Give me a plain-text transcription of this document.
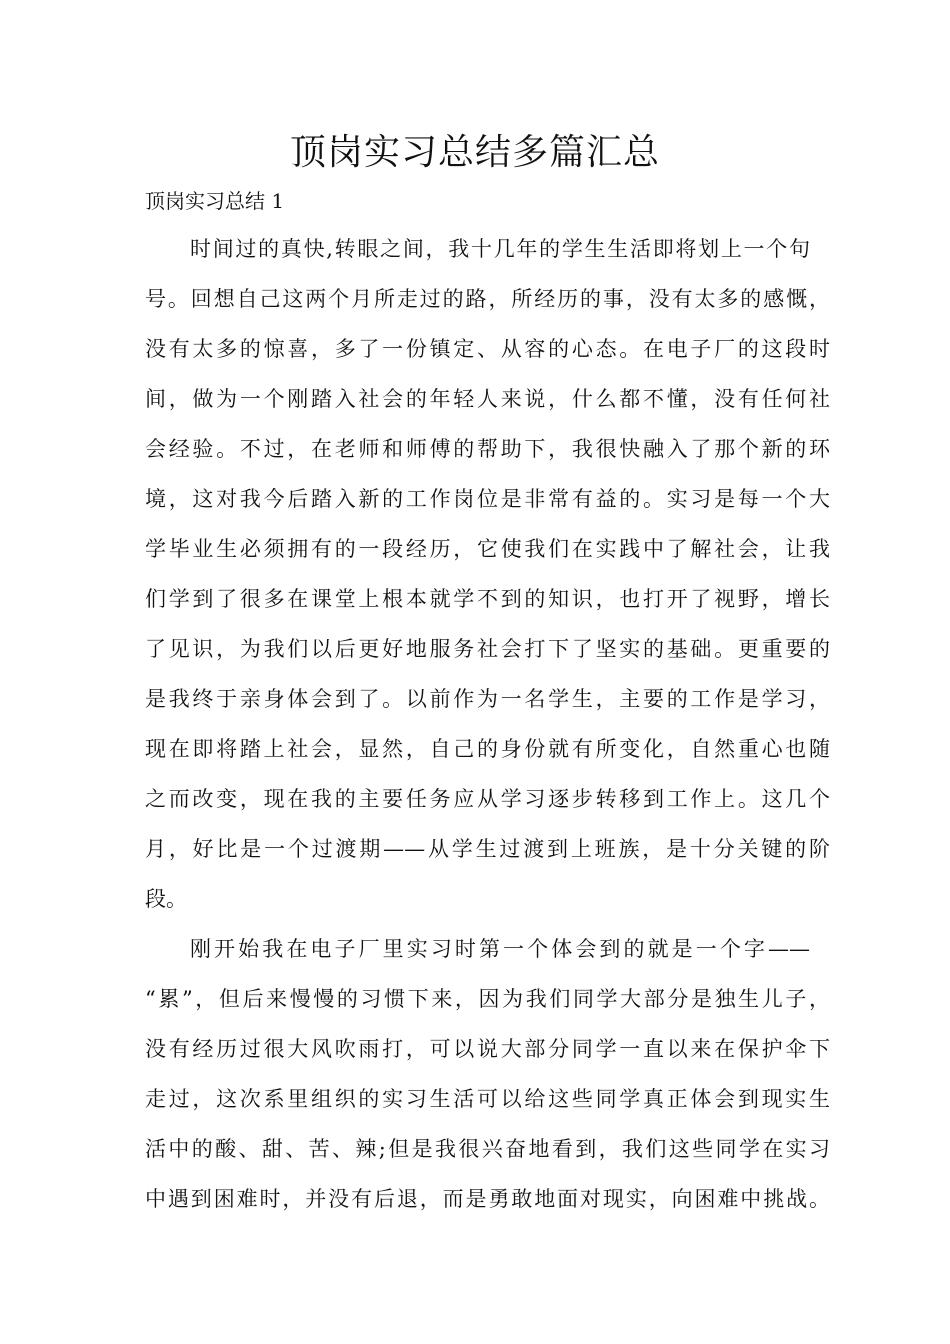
顶岗实习总结多篇汇总
顶岗实习总结 1
时间过的真快,转眼之间，我十几年的学生生活即将划上一个句
号。回想自己这两个月所走过的路，所经历的事，没有太多的感慨，
没有太多的惊喜，多了一份镇定、从容的心态。在电子厂的这段时
间，做为一个刚踏入社会的年轻人来说，什么都不懂，没有任何社
会经验。不过，在老师和师傅的帮助下，我很快融入了那个新的环
境，这对我今后踏入新的工作岗位是非常有益的。实习是每一个大
学毕业生必须拥有的一段经历，它使我们在实践中了解社会，让我
们学到了很多在课堂上根本就学不到的知识，也打开了视野，增长
了见识，为我们以后更好地服务社会打下了坚实的基础。更重要的
是我终于亲身体会到了。以前作为一名学生，主要的工作是学习，
现在即将踏上社会，显然，自己的身份就有所变化，自然重心也随
之而改变，现在我的主要任务应从学习逐步转移到工作上。这几个
月，好比是一个过渡期——从学生过渡到上班族，是十分关键的阶
段。
刚开始我在电子厂里实习时第一个体会到的就是一个字——
“累”，但后来慢慢的习惯下来，因为我们同学大部分是独生儿子，
没有经历过很大风吹雨打，可以说大部分同学一直以来在保护伞下
走过，这次系里组织的实习生活可以给这些同学真正体会到现实生
活中的酸、甜、苦、辣;但是我很兴奋地看到，我们这些同学在实习
中遇到困难时，并没有后退，而是勇敢地面对现实，向困难中挑战。
